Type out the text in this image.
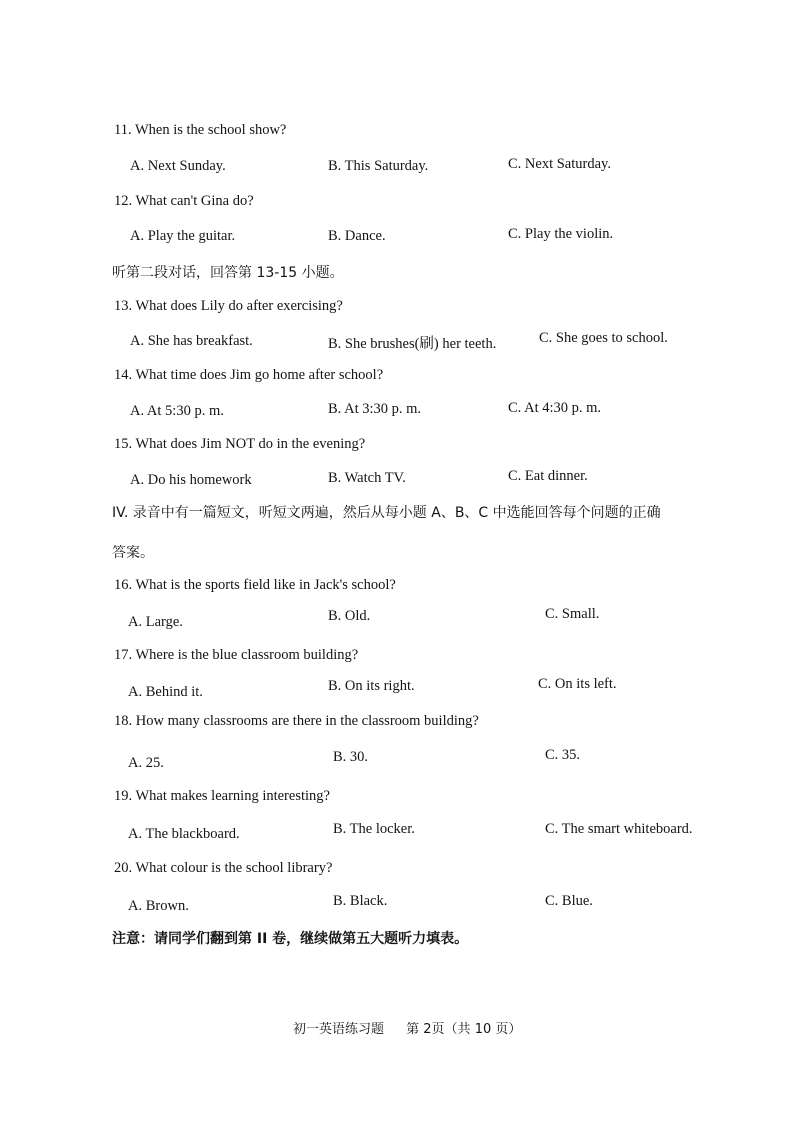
11. When is the school show?
A. Next Sunday.	B. This Saturday.	C. Next Saturday.
12. What can't Gina do?
A. Play the guitar.	B. Dance.	C. Play the violin.
听第二段对话，回答第 13-15 小题。
13. What does Lily do after exercising?
A. She has breakfast.	B. She brushes(刷) her teeth.	C. She goes to school.
14. What time does Jim go home after school?
A. At 5:30 p. m.	B. At 3:30 p. m.	C. At 4:30 p. m.
15. What does Jim NOT do in the evening?
A. Do his homework	B. Watch TV.	C. Eat dinner.
IV. 录音中有一篇短文，听短文两遍，然后从每小题 A、B、C 中选能回答每个问题的正确
答案。
16. What is the sports field like in Jack's school?
A. Large.	B. Old.	C. Small.
17. Where is the blue classroom building?
A. Behind it.	B. On its right.	C. On its left.
18. How many classrooms are there in the classroom building?
A. 25.	B. 30.	C. 35.
19. What makes learning interesting?
A. The blackboard.	B. The locker.	C. The smart whiteboard.
20. What colour is the school library?
A. Brown.	B. Black.	C. Blue.
注意：请同学们翻到第 II 卷，继续做第五大题听力填表。
初一英语练习题 第 2页（共 10 页）
